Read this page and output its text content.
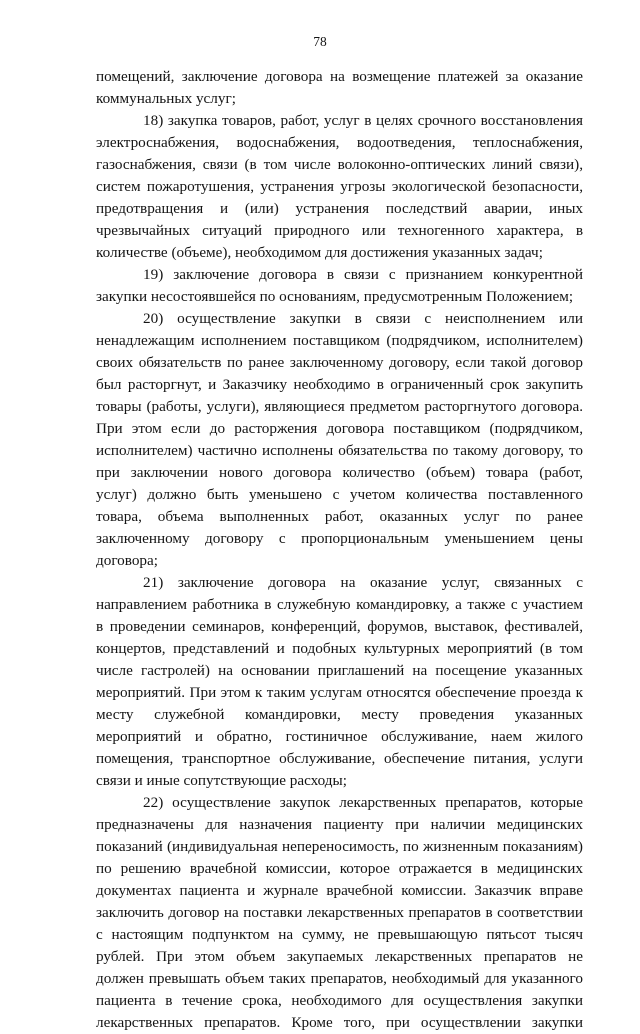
78
помещений, заключение договора на возмещение платежей за оказание
коммунальных услуг;
18) закупка товаров, работ, услуг в целях срочного восстановления
электроснабжения, водоснабжения, водоотведения, теплоснабжения,
газоснабжения, связи (в том числе волоконно-оптических линий связи),
систем пожаротушения, устранения угрозы экологической безопасности,
предотвращения и (или) устранения последствий аварии, иных
чрезвычайных ситуаций природного или техногенного характера, в
количестве (объеме), необходимом для достижения указанных задач;
19) заключение договора в связи с признанием конкурентной
закупки несостоявшейся по основаниям, предусмотренным Положением;
20) осуществление закупки в связи с неисполнением или
ненадлежащим исполнением поставщиком (подрядчиком, исполнителем)
своих обязательств по ранее заключенному договору, если такой договор
был расторгнут, и Заказчику необходимо в ограниченный срок закупить
товары (работы, услуги), являющиеся предметом расторгнутого договора.
При этом если до расторжения договора поставщиком (подрядчиком,
исполнителем) частично исполнены обязательства по такому договору, то
при заключении нового договора количество (объем) товара (работ,
услуг) должно быть уменьшено с учетом количества поставленного
товара, объема выполненных работ, оказанных услуг по ранее
заключенному договору с пропорциональным уменьшением цены
договора;
21) заключение договора на оказание услуг, связанных с
направлением работника в служебную командировку, а также с участием
в проведении семинаров, конференций, форумов, выставок, фестивалей,
концертов, представлений и подобных культурных мероприятий (в том
числе гастролей) на основании приглашений на посещение указанных
мероприятий. При этом к таким услугам относятся обеспечение проезда к
месту служебной командировки, месту проведения указанных
мероприятий и обратно, гостиничное обслуживание, наем жилого
помещения, транспортное обслуживание, обеспечение питания, услуги
связи и иные сопутствующие расходы;
22) осуществление закупок лекарственных препаратов, которые
предназначены для назначения пациенту при наличии медицинских
показаний (индивидуальная непереносимость, по жизненным показаниям)
по решению врачебной комиссии, которое отражается в медицинских
документах пациента и журнале врачебной комиссии. Заказчик вправе
заключить договор на поставки лекарственных препаратов в соответствии
с настоящим подпунктом на сумму, не превышающую пятьсот тысяч
рублей. При этом объем закупаемых лекарственных препаратов не
должен превышать объем таких препаратов, необходимый для указанного
пациента в течение срока, необходимого для осуществления закупки
лекарственных препаратов. Кроме того, при осуществлении закупки
